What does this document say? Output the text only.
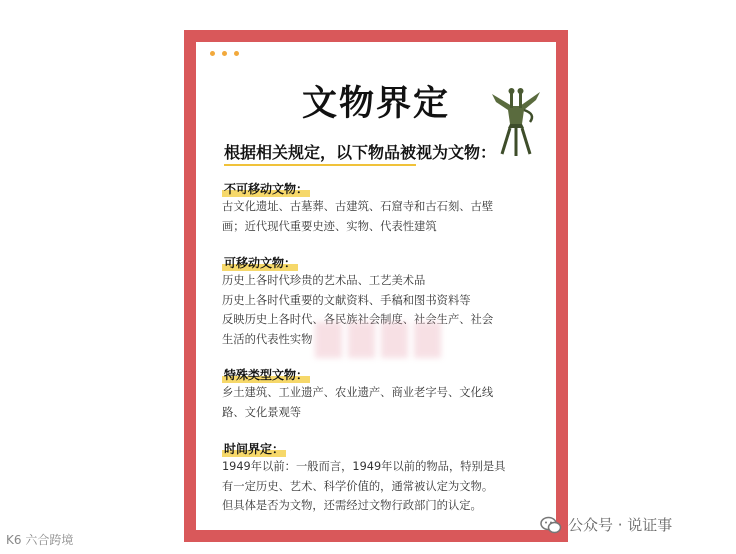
文物界定
根据相关规定，以下物品被视为文物：
不可移动文物：
古文化遗址、古墓葬、古建筑、石窟寺和古石刻、古壁
画；近代现代重要史迹、实物、代表性建筑
可移动文物：
历史上各时代珍贵的艺术品、工艺美术品
历史上各时代重要的文献资料、手稿和图书资料等
反映历史上各时代、各民族社会制度、社会生产、社会
生活的代表性实物
特殊类型文物：
乡土建筑、工业遗产、农业遗产、商业老字号、文化线
路、文化景观等
时间界定：
1949年以前：一般而言，1949年以前的物品，特别是具
有一定历史、艺术、科学价值的，通常被认定为文物。
但具体是否为文物，还需经过文物行政部门的认定。
K6 六合跨境
公众号 · 说证事
